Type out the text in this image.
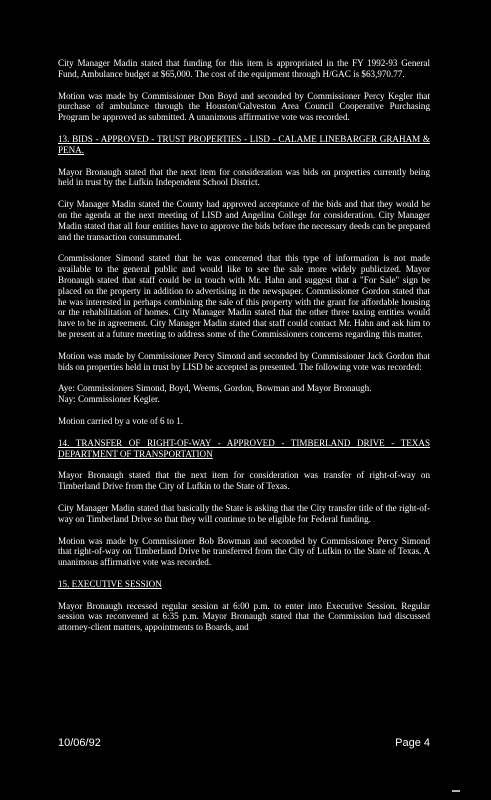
City Manager Madin stated that funding for this item is appropriated in the FY 1992-93 General Fund, Ambulance budget at $65,000. The cost of the equipment through H/GAC is $63,970.77.

Motion was made by Commissioner Don Boyd and seconded by Commissioner Percy Kegler that purchase of ambulance through the Houston/Galveston Area Council Cooperative Purchasing Program be approved as submitted. A unanimous affirmative vote was recorded.

13. BIDS - APPROVED - TRUST PROPERTIES - LISD - CALAME LINEBARGER GRAHAM & PENA.

Mayor Bronaugh stated that the next item for consideration was bids on properties currently being held in trust by the Lufkin Independent School District.

City Manager Madin stated the County had approved acceptance of the bids and that they would be on the agenda at the next meeting of LISD and Angelina College for consideration. City Manager Madin stated that all four entities have to approve the bids before the necessary deeds can be prepared and the transaction consummated.

Commissioner Simond stated that he was concerned that this type of information is not made available to the general public and would like to see the sale more widely publicized. Mayor Bronaugh stated that staff could be in touch with Mr. Hahn and suggest that a "For Sale" sign be placed on the property in addition to advertising in the newspaper. Commissioner Gordon stated that he was interested in perhaps combining the sale of this property with the grant for affordable housing or the rehabilitation of homes. City Manager Madin stated that the other three taxing entities would have to be in agreement. City Manager Madin stated that staff could contact Mr. Hahn and ask him to be present at a future meeting to address some of the Commissioners concerns regarding this matter.

Motion was made by Commissioner Percy Simond and seconded by Commissioner Jack Gordon that bids on properties held in trust by LISD be accepted as presented. The following vote was recorded:

Aye: Commissioners Simond, Boyd, Weems, Gordon, Bowman and Mayor Bronaugh.
Nay: Commissioner Kegler.

Motion carried by a vote of 6 to 1.

14. TRANSFER OF RIGHT-OF-WAY - APPROVED - TIMBERLAND DRIVE - TEXAS DEPARTMENT OF TRANSPORTATION

Mayor Bronaugh stated that the next item for consideration was transfer of right-of-way on Timberland Drive from the City of Lufkin to the State of Texas.

City Manager Madin stated that basically the State is asking that the City transfer title of the right-of-way on Timberland Drive so that they will continue to be eligible for Federal funding.

Motion was made by Commissioner Bob Bowman and seconded by Commissioner Percy Simond that right-of-way on Timberland Drive be transferred from the City of Lufkin to the State of Texas. A unanimous affirmative vote was recorded.

15. EXECUTIVE SESSION

Mayor Bronaugh recessed regular session at 6:00 p.m. to enter into Executive Session. Regular session was reconvened at 6:35 p.m. Mayor Bronaugh stated that the Commission had discussed attorney-client matters, appointments to Boards, and

10/06/92	Page 4
